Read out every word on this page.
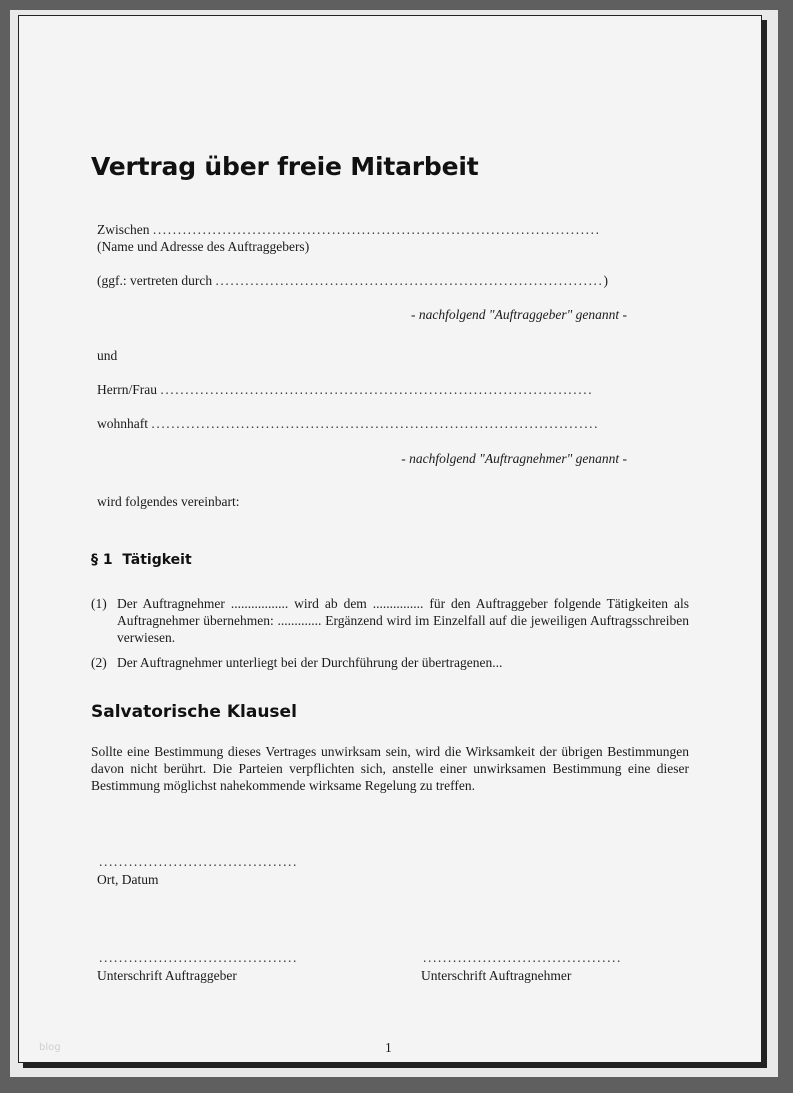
Vertrag über freie Mitarbeit
Zwischen ..........................................................................................
(Name und Adresse des Auftraggebers)
(ggf.: vertreten durch ..............................................................................)
- nachfolgend "Auftraggeber" genannt -
und
Herrn/Frau .......................................................................................
wohnhaft ..........................................................................................
- nachfolgend "Auftragnehmer" genannt -
wird folgendes vereinbart:
§ 1  Tätigkeit
(1) Der Auftragnehmer ................. wird ab dem ............... für den Auftraggeber folgende Tätigkeiten als Auftragnehmer übernehmen: ............. Ergänzend wird im Einzelfall auf die jeweiligen Auftragsschreiben verwiesen.
(2) Der Auftragnehmer unterliegt bei der Durchführung der übertragenen...
Salvatorische Klausel
Sollte eine Bestimmung dieses Vertrages unwirksam sein, wird die Wirksamkeit der übrigen Bestimmungen davon nicht berührt. Die Parteien verpflichten sich, anstelle einer unwirksamen Bestimmung eine dieser Bestimmung möglichst nahekommende wirksame Regelung zu treffen.
........................................
Ort, Datum
........................................
Unterschrift Auftraggeber
........................................
Unterschrift Auftragnehmer
blog	1
